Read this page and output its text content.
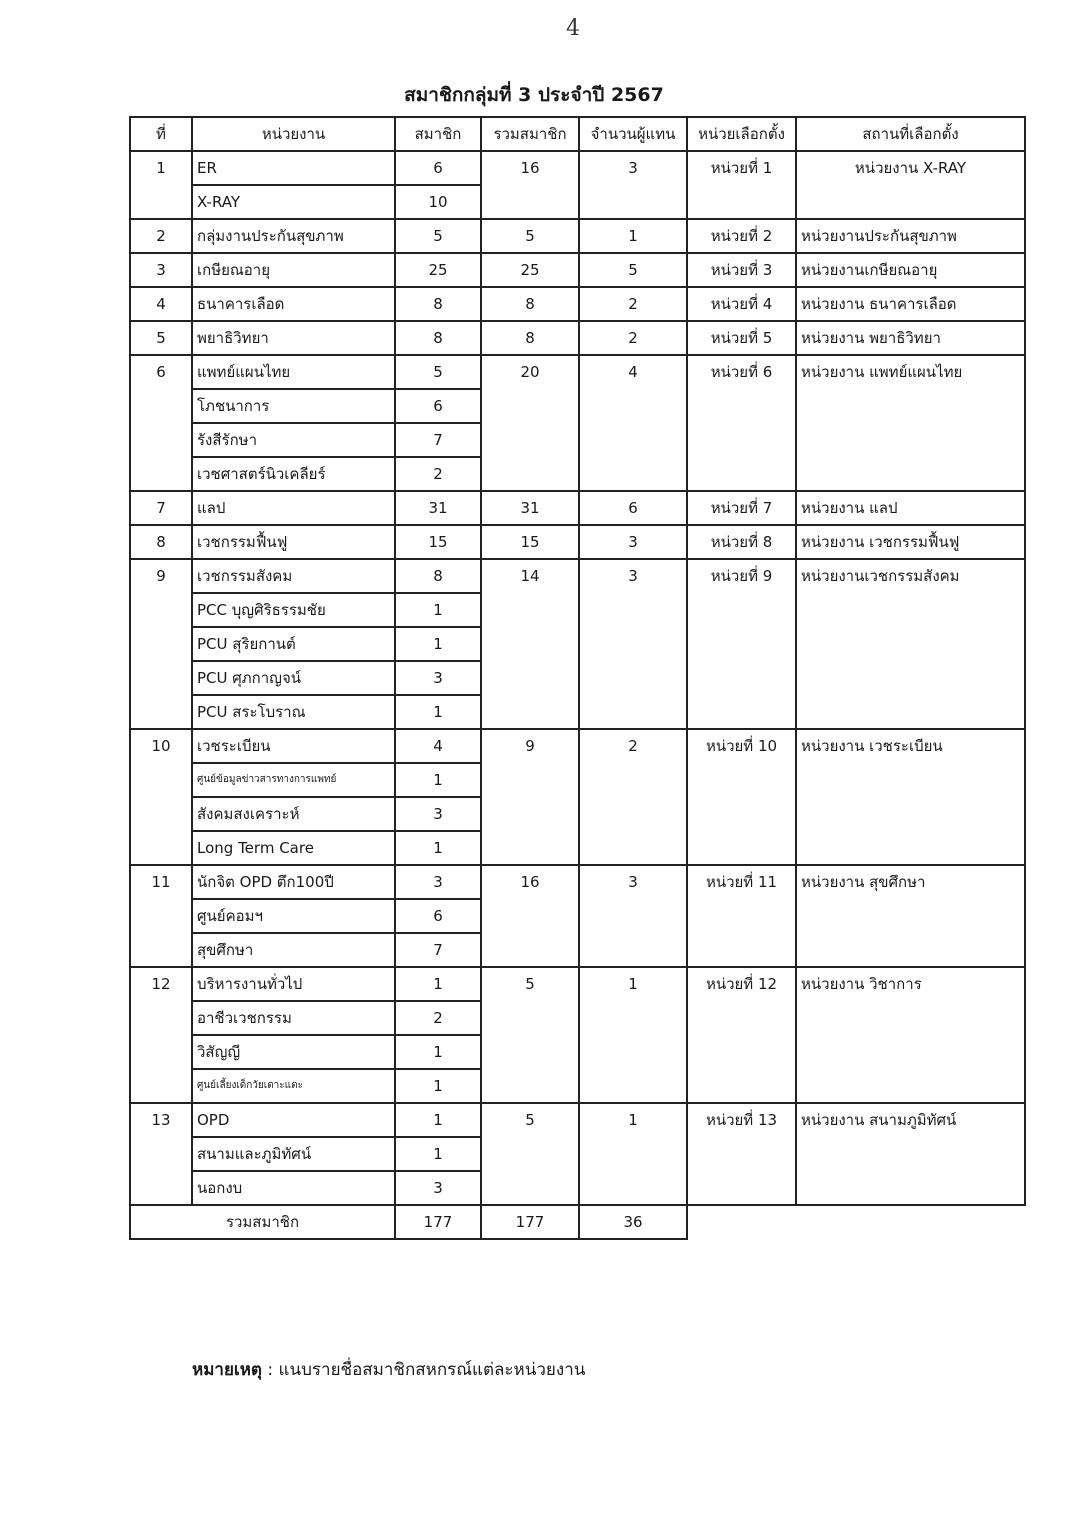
4
สมาชิกกลุ่มที่ 3 ประจำปี 2567
ที่	หน่วยงาน	สมาชิก	รวมสมาชิก	จำนวนผู้แทน	หน่วยเลือกตั้ง	สถานที่เลือกตั้ง
1	ER	6	16	3	หน่วยที่ 1	หน่วยงาน X-RAY
	X-RAY	10				
2	กลุ่มงานประกันสุขภาพ	5	5	1	หน่วยที่ 2	หน่วยงานประกันสุขภาพ
3	เกษียณอายุ	25	25	5	หน่วยที่ 3	หน่วยงานเกษียณอายุ
4	ธนาคารเลือด	8	8	2	หน่วยที่ 4	หน่วยงาน ธนาคารเลือด
5	พยาธิวิทยา	8	8	2	หน่วยที่ 5	หน่วยงาน พยาธิวิทยา
6	แพทย์แผนไทย	5	20	4	หน่วยที่ 6	หน่วยงาน แพทย์แผนไทย
	โภชนาการ	6				
	รังสีรักษา	7				
	เวชศาสตร์นิวเคลียร์	2				
7	แลป	31	31	6	หน่วยที่ 7	หน่วยงาน แลป
8	เวชกรรมฟื้นฟู	15	15	3	หน่วยที่ 8	หน่วยงาน เวชกรรมฟื้นฟู
9	เวชกรรมสังคม	8	14	3	หน่วยที่ 9	หน่วยงานเวชกรรมสังคม
	PCC บุญศิริธรรมชัย	1				
	PCU สุริยกานต์	1				
	PCU ศุภกาญจน์	3				
	PCU สระโบราณ	1				
10	เวชระเบียน	4	9	2	หน่วยที่ 10	หน่วยงาน เวชระเบียน
	ศูนย์ข้อมูลข่าวสารทางการแพทย์	1				
	สังคมสงเคราะห์	3				
	Long Term Care	1				
11	นักจิต OPD ตึก100ปี	3	16	3	หน่วยที่ 11	หน่วยงาน สุขศึกษา
	ศูนย์คอมฯ	6				
	สุขศึกษา	7				
12	บริหารงานทั่วไป	1	5	1	หน่วยที่ 12	หน่วยงาน วิชาการ
	อาชีวเวชกรรม	2				
	วิสัญญี	1				
	ศูนย์เลี้ยงเด็กวัยเตาะแตะ	1				
13	OPD	1	5	1	หน่วยที่ 13	หน่วยงาน สนามภูมิทัศน์
	สนามและภูมิทัศน์	1				
	นอกงบ	3				
รวมสมาชิก		177	177	36		
หมายเหตุ : แนบรายชื่อสมาชิกสหกรณ์แต่ละหน่วยงาน
